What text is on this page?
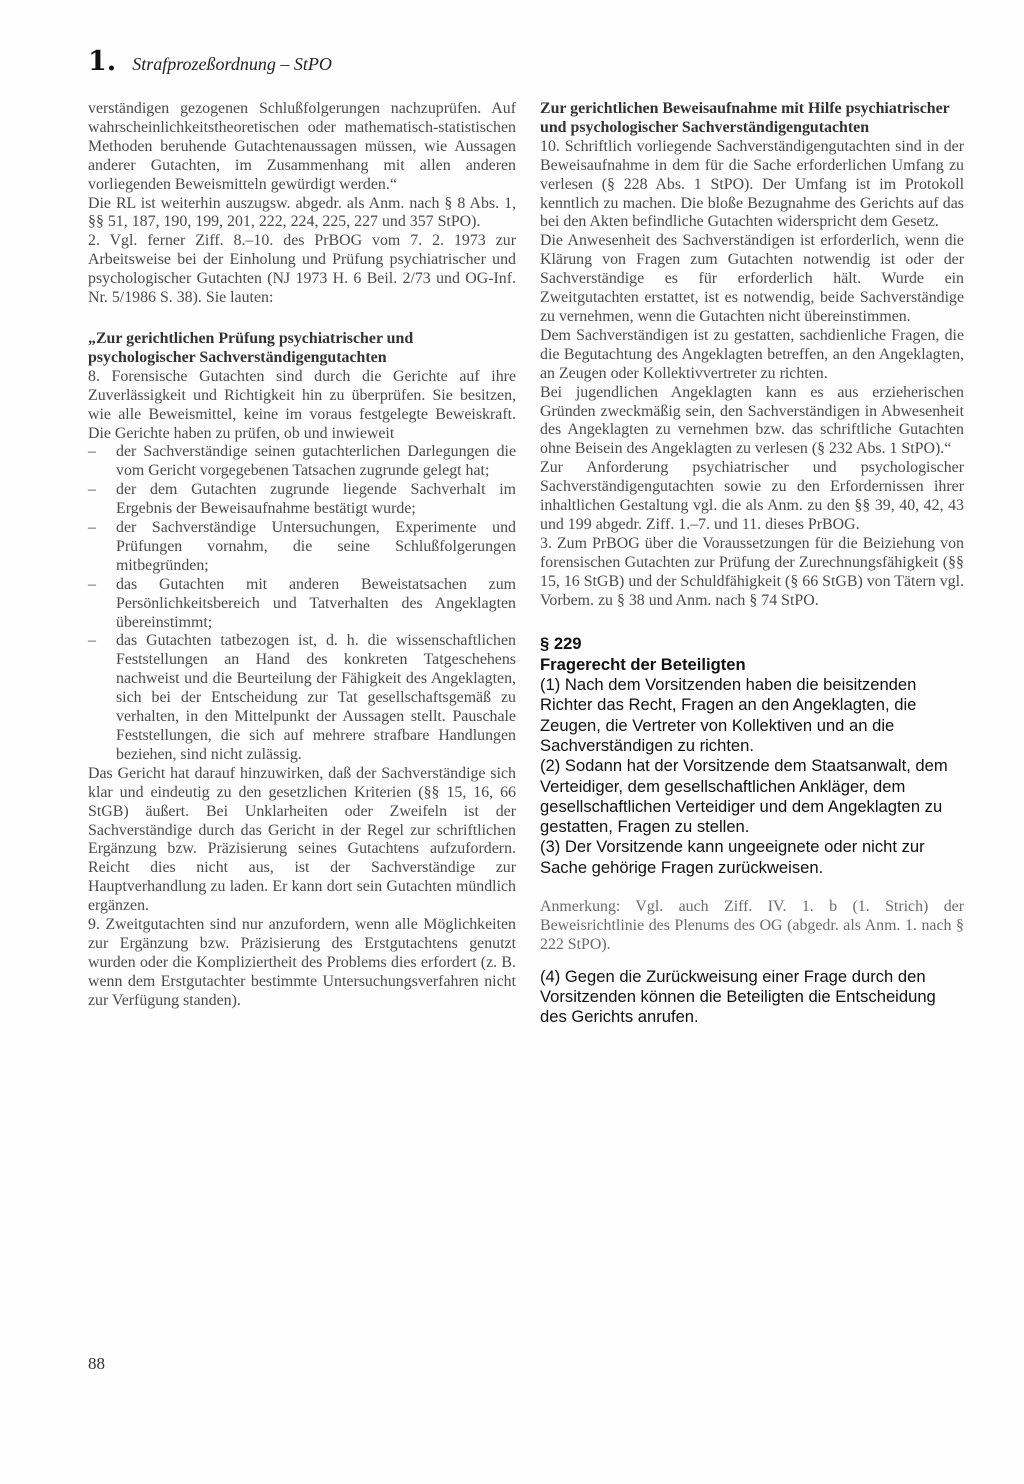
1. Strafprozeßordnung – StPO

verständigen gezogenen Schlußfolgerungen nachzuprüfen. Auf wahrscheinlichkeitstheoretischen oder mathematisch-statistischen Methoden beruhende Gutachtenaussagen müssen, wie Aussagen anderer Gutachten, im Zusammenhang mit allen anderen vorliegenden Beweismitteln gewürdigt werden.“

Die RL ist weiterhin auszugsw. abgedr. als Anm. nach § 8 Abs. 1, §§ 51, 187, 190, 199, 201, 222, 224, 225, 227 und 357 StPO).

2. Vgl. ferner Ziff. 8.–10. des PrBOG vom 7. 2. 1973 zur Arbeitsweise bei der Einholung und Prüfung psychiatrischer und psychologischer Gutachten (NJ 1973 H. 6 Beil. 2/73 und OG-Inf. Nr. 5/1986 S. 38). Sie lauten:

„Zur gerichtlichen Prüfung psychiatrischer und psychologischer Sachverständigengutachten

8. Forensische Gutachten sind durch die Gerichte auf ihre Zuverlässigkeit und Richtigkeit hin zu überprüfen. Sie besitzen, wie alle Beweismittel, keine im voraus festgelegte Beweiskraft. Die Gerichte haben zu prüfen, ob und inwieweit

– der Sachverständige seinen gutachterlichen Darlegungen die vom Gericht vorgegebenen Tatsachen zugrunde gelegt hat;
– der dem Gutachten zugrunde liegende Sachverhalt im Ergebnis der Beweisaufnahme bestätigt wurde;
– der Sachverständige Untersuchungen, Experimente und Prüfungen vornahm, die seine Schlußfolgerungen mitbegründen;
– das Gutachten mit anderen Beweistatsachen zum Persönlichkeitsbereich und Tatverhalten des Angeklagten übereinstimmt;
– das Gutachten tatbezogen ist, d. h. die wissenschaftlichen Feststellungen an Hand des konkreten Tatgeschehens nachweist und die Beurteilung der Fähigkeit des Angeklagten, sich bei der Entscheidung zur Tat gesellschaftsgemäß zu verhalten, in den Mittelpunkt der Aussagen stellt. Pauschale Feststellungen, die sich auf mehrere strafbare Handlungen beziehen, sind nicht zulässig.

Das Gericht hat darauf hinzuwirken, daß der Sachverständige sich klar und eindeutig zu den gesetzlichen Kriterien (§§ 15, 16, 66 StGB) äußert. Bei Unklarheiten oder Zweifeln ist der Sachverständige durch das Gericht in der Regel zur schriftlichen Ergänzung bzw. Präzisierung seines Gutachtens aufzufordern. Reicht dies nicht aus, ist der Sachverständige zur Hauptverhandlung zu laden. Er kann dort sein Gutachten mündlich ergänzen.

9. Zweitgutachten sind nur anzufordern, wenn alle Möglichkeiten zur Ergänzung bzw. Präzisierung des Erstgutachtens genutzt wurden oder die Kompliziertheit des Problems dies erfordert (z. B. wenn dem Erstgutachter bestimmte Untersuchungsverfahren nicht zur Verfügung standen).

Zur gerichtlichen Beweisaufnahme mit Hilfe psychiatrischer und psychologischer Sachverständigengutachten

10. Schriftlich vorliegende Sachverständigengutachten sind in der Beweisaufnahme in dem für die Sache erforderlichen Umfang zu verlesen (§ 228 Abs. 1 StPO). Der Umfang ist im Protokoll kenntlich zu machen. Die bloße Bezugnahme des Gerichts auf das bei den Akten befindliche Gutachten widerspricht dem Gesetz.

Die Anwesenheit des Sachverständigen ist erforderlich, wenn die Klärung von Fragen zum Gutachten notwendig ist oder der Sachverständige es für erforderlich hält. Wurde ein Zweitgutachten erstattet, ist es notwendig, beide Sachverständige zu vernehmen, wenn die Gutachten nicht übereinstimmen.

Dem Sachverständigen ist zu gestatten, sachdienliche Fragen, die die Begutachtung des Angeklagten betreffen, an den Angeklagten, an Zeugen oder Kollektivvertreter zu richten.

Bei jugendlichen Angeklagten kann es aus erzieherischen Gründen zweckmäßig sein, den Sachverständigen in Abwesenheit des Angeklagten zu vernehmen bzw. das schriftliche Gutachten ohne Beisein des Angeklagten zu verlesen (§ 232 Abs. 1 StPO).“

Zur Anforderung psychiatrischer und psychologischer Sachverständigengutachten sowie zu den Erfordernissen ihrer inhaltlichen Gestaltung vgl. die als Anm. zu den §§ 39, 40, 42, 43 und 199 abgedr. Ziff. 1.–7. und 11. dieses PrBOG.

3. Zum PrBOG über die Voraussetzungen für die Beiziehung von forensischen Gutachten zur Prüfung der Zurechnungsfähigkeit (§§ 15, 16 StGB) und der Schuldfähigkeit (§ 66 StGB) von Tätern vgl. Vorbem. zu § 38 und Anm. nach § 74 StPO.

§ 229

Fragerecht der Beteiligten

(1) Nach dem Vorsitzenden haben die beisitzenden Richter das Recht, Fragen an den Angeklagten, die Zeugen, die Vertreter von Kollektiven und an die Sachverständigen zu richten.

(2) Sodann hat der Vorsitzende dem Staatsanwalt, dem Verteidiger, dem gesellschaftlichen Ankläger, dem gesellschaftlichen Verteidiger und dem Angeklagten zu gestatten, Fragen zu stellen.

(3) Der Vorsitzende kann ungeeignete oder nicht zur Sache gehörige Fragen zurückweisen.

Anmerkung: Vgl. auch Ziff. IV. 1. b (1. Strich) der Beweisrichtlinie des Plenums des OG (abgedr. als Anm. 1. nach § 222 StPO).

(4) Gegen die Zurückweisung einer Frage durch den Vorsitzenden können die Beteiligten die Entscheidung des Gerichts anrufen.

88
